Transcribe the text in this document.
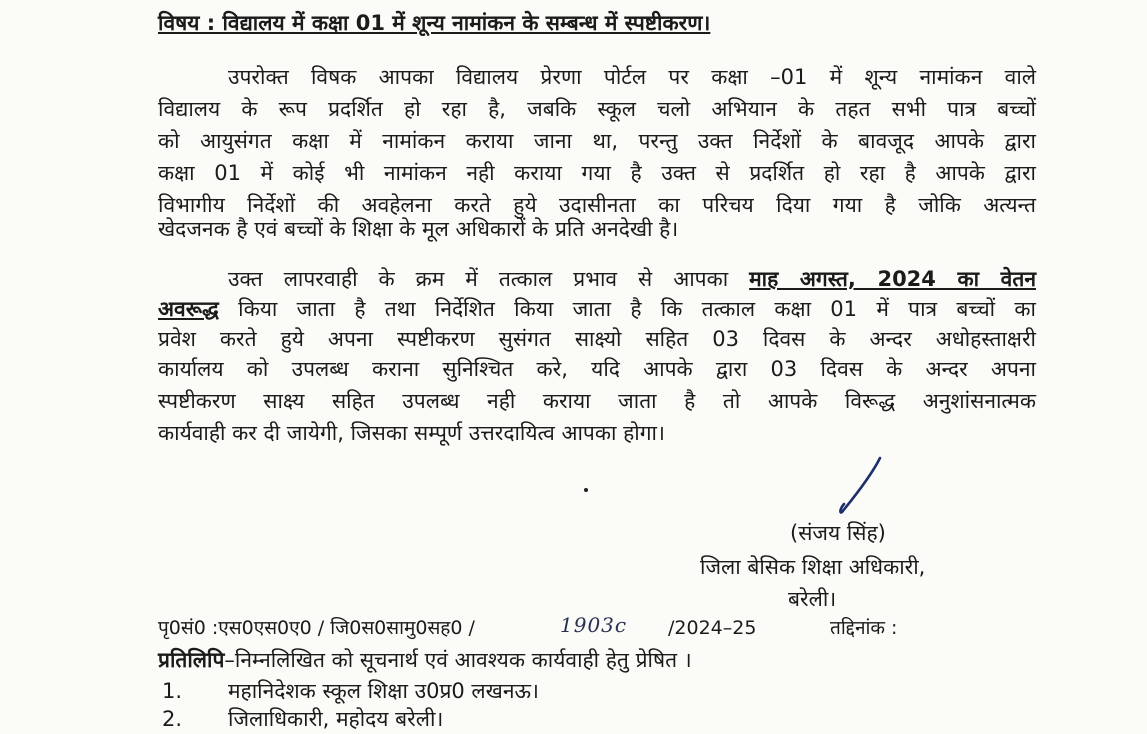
विषय : विद्यालय में कक्षा 01 में शून्य नामांकन के सम्बन्ध में स्पष्टीकरण।
उपरोक्त विषक आपका विद्यालय प्रेरणा पोर्टल पर कक्षा –01 में शून्य नामांकन वाले
विद्यालय के रूप प्रदर्शित हो रहा है, जबकि स्कूल चलो अभियान के तहत सभी पात्र बच्चों
को आयुसंगत कक्षा में नामांकन कराया जाना था, परन्तु उक्त निर्देशों के बावजूद आपके द्वारा
कक्षा 01 में कोई भी नामांकन नही कराया गया है उक्त से प्रदर्शित हो रहा है आपके द्वारा
विभागीय निर्देशों की अवहेलना करते हुये उदासीनता का परिचय दिया गया है जोकि अत्यन्त
खेदजनक है एवं बच्चों के शिक्षा के मूल अधिकारों के प्रति अनदेखी है।
उक्त लापरवाही के क्रम में तत्काल प्रभाव से आपका माह अगस्त, 2024 का वेतन
अवरूद्ध किया जाता है तथा निर्देशित किया जाता है कि तत्काल कक्षा 01 में पात्र बच्चों का
प्रवेश करते हुये अपना स्पष्टीकरण सुसंगत साक्ष्यो सहित 03 दिवस के अन्दर अधोहस्ताक्षरी
कार्यालय को उपलब्ध कराना सुनिश्चित करे, यदि आपके द्वारा 03 दिवस के अन्दर अपना
स्पष्टीकरण साक्ष्य सहित उपलब्ध नही कराया जाता है तो आपके विरूद्ध अनुशांसनात्मक
कार्यवाही कर दी जायेगी, जिसका सम्पूर्ण उत्तरदायित्व आपका होगा।
(संजय सिंह)
जिला बेसिक शिक्षा अधिकारी,
बरेली।
पृ0सं0 :एस0एस0ए0 / जि0स0सामु0सह0 /	1903c /2024–25	तद्दिनांक :
प्रतिलिपि–निम्नलिखित को सूचनार्थ एवं आवश्यक कार्यवाही हेतु प्रेषित ।
1. महानिदेशक स्कूल शिक्षा उ0प्र0 लखनऊ।
2. जिलाधिकारी, महोदय बरेली।
